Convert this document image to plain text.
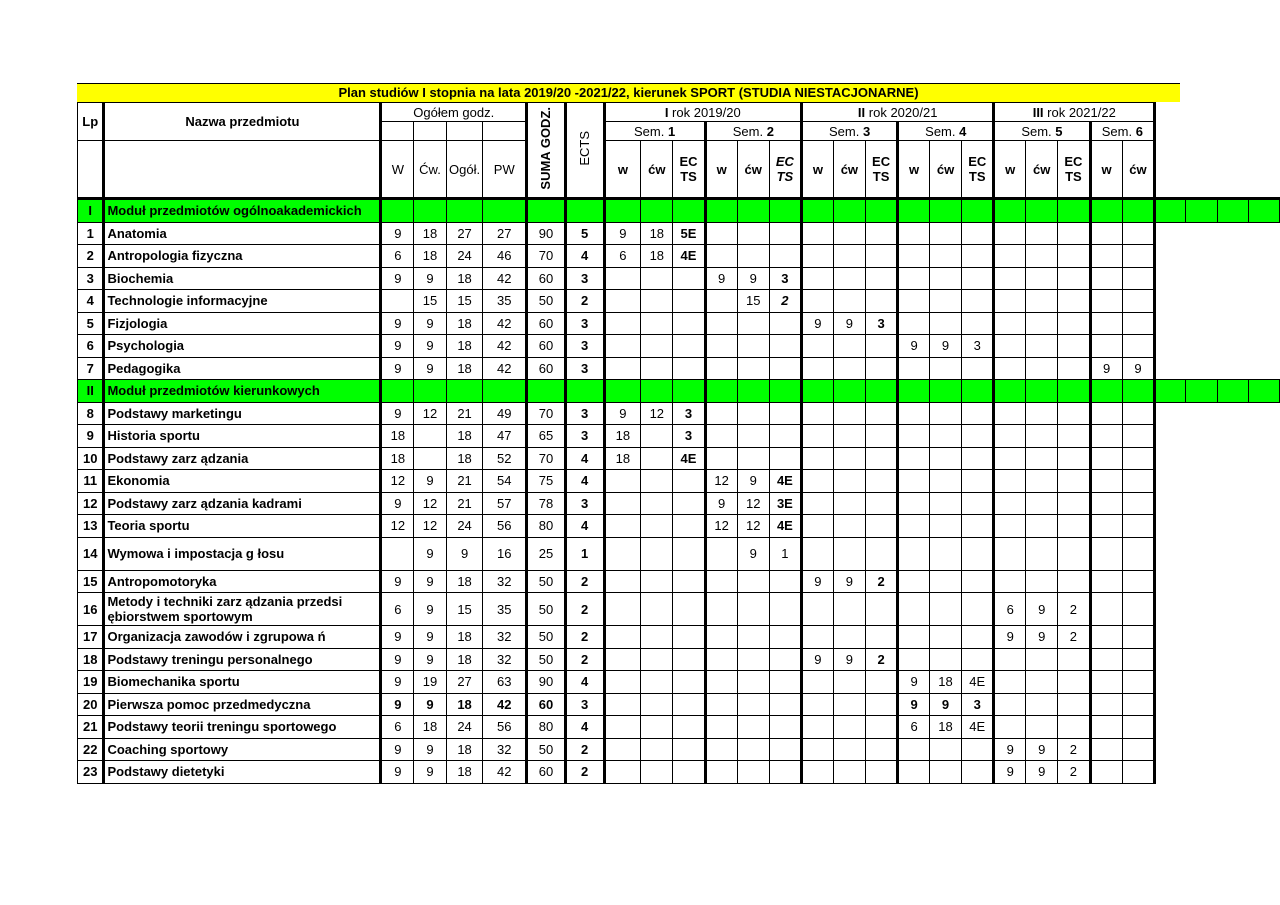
Plan studiów I stopnia na lata 2019/20 -2021/22, kierunek SPORT (STUDIA NIESTACJONARNE)
Lp	Nazwa przedmiotu	Ogółem godz.				SUMA GODZ.	ECTS	I rok 2019/20						II rok 2020/21						III rok 2021/22								
								Sem. 1			Sem. 2			Sem. 3			Sem. 4			Sem. 5			Sem. 6					
		W	Ćw.	Ogół.	PW			w	ćw	EC TS	w	ćw	EC TS	w	ćw	EC TS	w	ćw	EC TS	w	ćw	EC TS	w	ćw				
I	Moduł przedmiotów ogólnoakademickich																											
1	Anatomia	9	18	27	27	90	5	9	18	5E																		
2	Antropologia fizyczna	6	18	24	46	70	4	6	18	4E																		
3	Biochemia	9	9	18	42	60	3				9	9	3															
4	Technologie informacyjne		15	15	35	50	2					15	2															
5	Fizjologia	9	9	18	42	60	3							9	9	3												
6	Psychologia	9	9	18	42	60	3										9	9	3									
7	Pedagogika	9	9	18	42	60	3																9	9				
II	Moduł przedmiotów kierunkowych																											
8	Podstawy marketingu	9	12	21	49	70	3	9	12	3																		
9	Historia sportu	18		18	47	65	3	18		3																		
10	Podstawy zarz ądzania	18		18	52	70	4	18		4E																		
11	Ekonomia	12	9	21	54	75	4				12	9	4E															
12	Podstawy zarz ądzania kadrami	9	12	21	57	78	3				9	12	3E															
13	Teoria sportu	12	12	24	56	80	4				12	12	4E															
14	Wymowa i impostacja g łosu		9	9	16	25	1					9	1															
15	Antropomotoryka	9	9	18	32	50	2							9	9	2												
16	Metody i techniki zarz ądzania przedsi ębiorstwem sportowym	6	9	15	35	50	2													6	9	2						
17	Organizacja zawodów i zgrupowa ń	9	9	18	32	50	2													9	9	2						
18	Podstawy treningu personalnego	9	9	18	32	50	2							9	9	2												
19	Biomechanika sportu	9	19	27	63	90	4										9	18	4E									
20	Pierwsza pomoc przedmedyczna	9	9	18	42	60	3										9	9	3									
21	Podstawy teorii treningu sportowego	6	18	24	56	80	4										6	18	4E									
22	Coaching sportowy	9	9	18	32	50	2													9	9	2						
23	Podstawy dietetyki	9	9	18	42	60	2													9	9	2						
